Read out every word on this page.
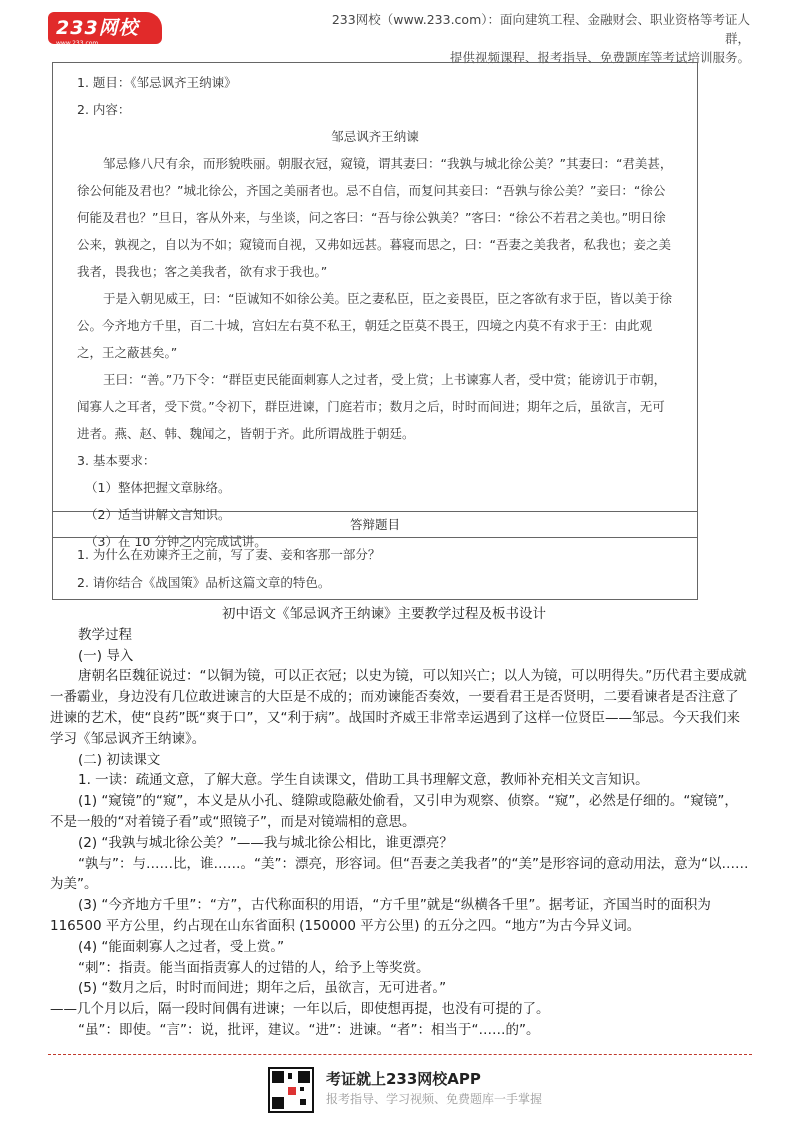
233网校
www.233.com
233网校（www.233.com）：面向建筑工程、金融财会、职业资格等考证人群，
提供视频课程、报考指导、免费题库等考试培训服务。

1. 题目：《邹忌讽齐王纳谏》

2. 内容：

邹忌讽齐王纳谏

邹忌修八尺有余，而形貌昳丽。朝服衣冠，窥镜，谓其妻曰：“我孰与城北徐公美？”其妻曰：“君美甚，徐公何能及君也？”城北徐公，齐国之美丽者也。忌不自信，而复问其妾曰：“吾孰与徐公美？”妾曰：“徐公何能及君也？”旦日，客从外来，与坐谈，问之客曰：“吾与徐公孰美？”客曰：“徐公不若君之美也。”明日徐公来，孰视之，自以为不如；窥镜而自视，又弗如远甚。暮寝而思之，曰：“吾妻之美我者，私我也；妾之美我者，畏我也；客之美我者，欲有求于我也。”

于是入朝见威王，曰：“臣诚知不如徐公美。臣之妻私臣，臣之妾畏臣，臣之客欲有求于臣，皆以美于徐公。今齐地方千里，百二十城，宫妇左右莫不私王，朝廷之臣莫不畏王，四境之内莫不有求于王：由此观之，王之蔽甚矣。”

王曰：“善。”乃下令：“群臣吏民能面刺寡人之过者，受上赏；上书谏寡人者，受中赏；能谤讥于市朝，闻寡人之耳者，受下赏。”令初下，群臣进谏，门庭若市；数月之后，时时而间进；期年之后，虽欲言，无可进者。燕、赵、韩、魏闻之，皆朝于齐。此所谓战胜于朝廷。

3. 基本要求：

（1）整体把握文章脉络。

（2）适当讲解文言知识。

（3）在 10 分钟之内完成试讲。

答辩题目

1. 为什么在劝谏齐王之前，写了妻、妾和客那一部分？

2. 请你结合《战国策》品析这篇文章的特色。

初中语文《邹忌讽齐王纳谏》主要教学过程及板书设计

教学过程

(一) 导入

唐朝名臣魏征说过：“以铜为镜，可以正衣冠；以史为镜，可以知兴亡；以人为镜，可以明得失。”历代君主要成就一番霸业，身边没有几位敢进谏言的大臣是不成的；而劝谏能否奏效，一要看君王是否贤明，二要看谏者是否注意了进谏的艺术，使“良药”既“爽于口”，又“利于病”。战国时齐威王非常幸运遇到了这样一位贤臣——邹忌。今天我们来学习《邹忌讽齐王纳谏》。

(二) 初读课文

1. 一读：疏通文意，了解大意。学生自读课文，借助工具书理解文意，教师补充相关文言知识。

(1) “窥镜”的“窥”，本义是从小孔、缝隙或隐蔽处偷看，又引申为观察、侦察。“窥”，必然是仔细的。“窥镜”，不是一般的“对着镜子看”或“照镜子”，而是对镜端相的意思。

(2) “我孰与城北徐公美？”——我与城北徐公相比，谁更漂亮？

“孰与”：与……比，谁……。“美”：漂亮，形容词。但“吾妻之美我者”的“美”是形容词的意动用法，意为“以……为美”。

(3) “今齐地方千里”：“方”，古代称面积的用语，“方千里”就是“纵横各千里”。据考证，齐国当时的面积为 116500 平方公里，约占现在山东省面积 (150000 平方公里) 的五分之四。“地方”为古今异义词。

(4) “能面刺寡人之过者，受上赏。”

“刺”：指责。能当面指责寡人的过错的人，给予上等奖赏。

(5) “数月之后，时时而间进；期年之后，虽欲言，无可进者。”

——几个月以后，隔一段时间偶有进谏；一年以后，即使想再提，也没有可提的了。

“虽”：即使。“言”：说，批评，建议。“进”：进谏。“者”：相当于“……的”。

考证就上233网校APP
报考指导、学习视频、免费题库一手掌握
